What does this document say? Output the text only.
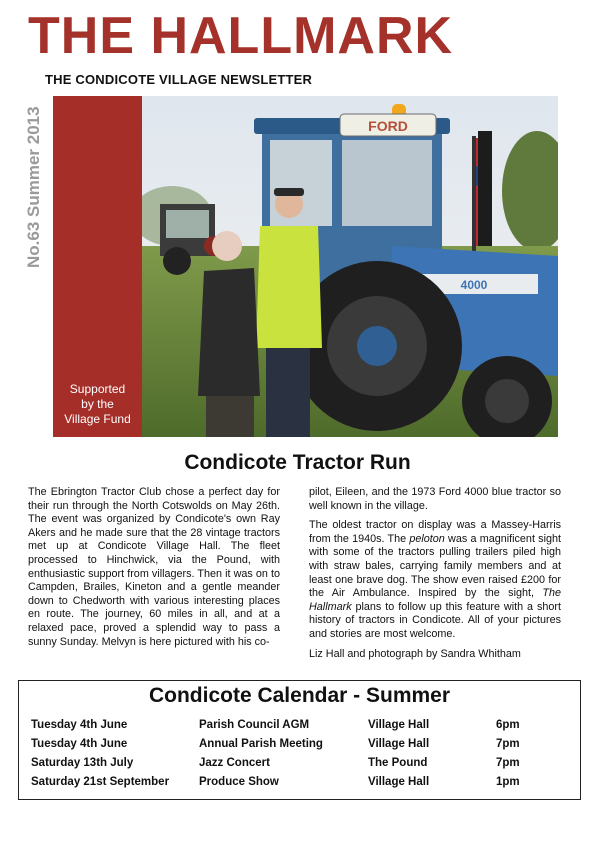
THE HALLMARK
THE CONDICOTE VILLAGE NEWSLETTER
No.63 Summer 2013
Supported
by the
Village Fund
FORD
4000
Condicote Tractor Run

The Ebrington Tractor Club chose a perfect day for their run through the North Cotswolds on May 26th. The event was organized by Condicote's own Ray Akers and he made sure that the 28 vintage tractors met up at Condicote Village Hall. The fleet processed to Hinchwick, via the Pound, with enthusiastic support from villagers. Then it was on to Campden, Brailes, Kineton and a gentle meander down to Chedworth with various interesting places en route. The journey, 60 miles in all, and at a relaxed pace, proved a splendid way to pass a sunny Sunday. Melvyn is here pictured with his co-

pilot, Eileen, and the 1973 Ford 4000 blue tractor so well known in the village.

The oldest tractor on display was a Massey-Harris from the 1940s. The peloton was a magnificent sight with some of the tractors pulling trailers piled high with straw bales, carrying family members and at least one brave dog. The show even raised £200 for the Air Ambulance. Inspired by the sight, The Hallmark plans to follow up this feature with a short history of tractors in Condicote. All of your pictures and stories are most welcome.

Liz Hall and photograph by Sandra Whitham

Condicote Calendar - Summer
Tuesday 4th June	Parish Council AGM	Village Hall	6pm
Tuesday 4th June	Annual Parish Meeting	Village Hall	7pm
Saturday 13th July	Jazz Concert	The Pound	7pm
Saturday 21st September	Produce Show	Village Hall	1pm
